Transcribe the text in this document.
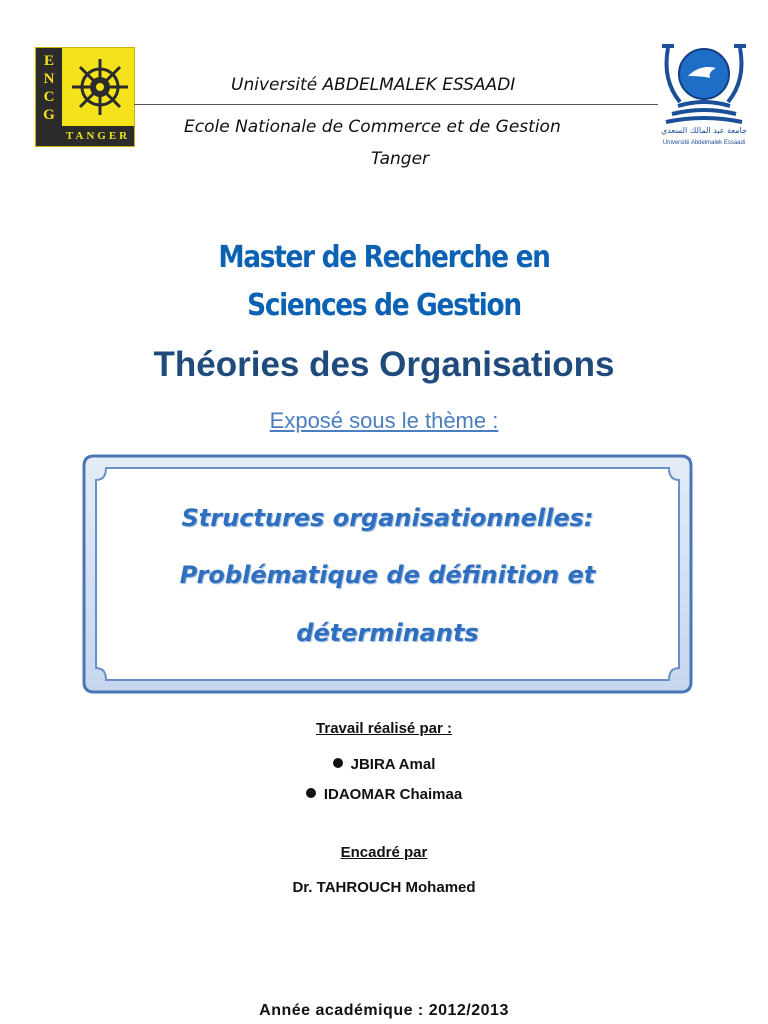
E
N
C
G
TANGER
Université ABDELMALEK ESSAADI
Ecole Nationale de Commerce et de Gestion
Tanger
جامعة عبد المالك السعدي
Université Abdelmalek Essaadi
Master de Recherche en
Sciences de Gestion
Théories des Organisations
Exposé sous le thème :
Structures organisationnelles:
Problématique de définition et
déterminants
Travail réalisé par :
JBIRA Amal
IDAOMAR Chaimaa
Encadré par
Dr. TAHROUCH Mohamed
Année académique : 2012/2013
